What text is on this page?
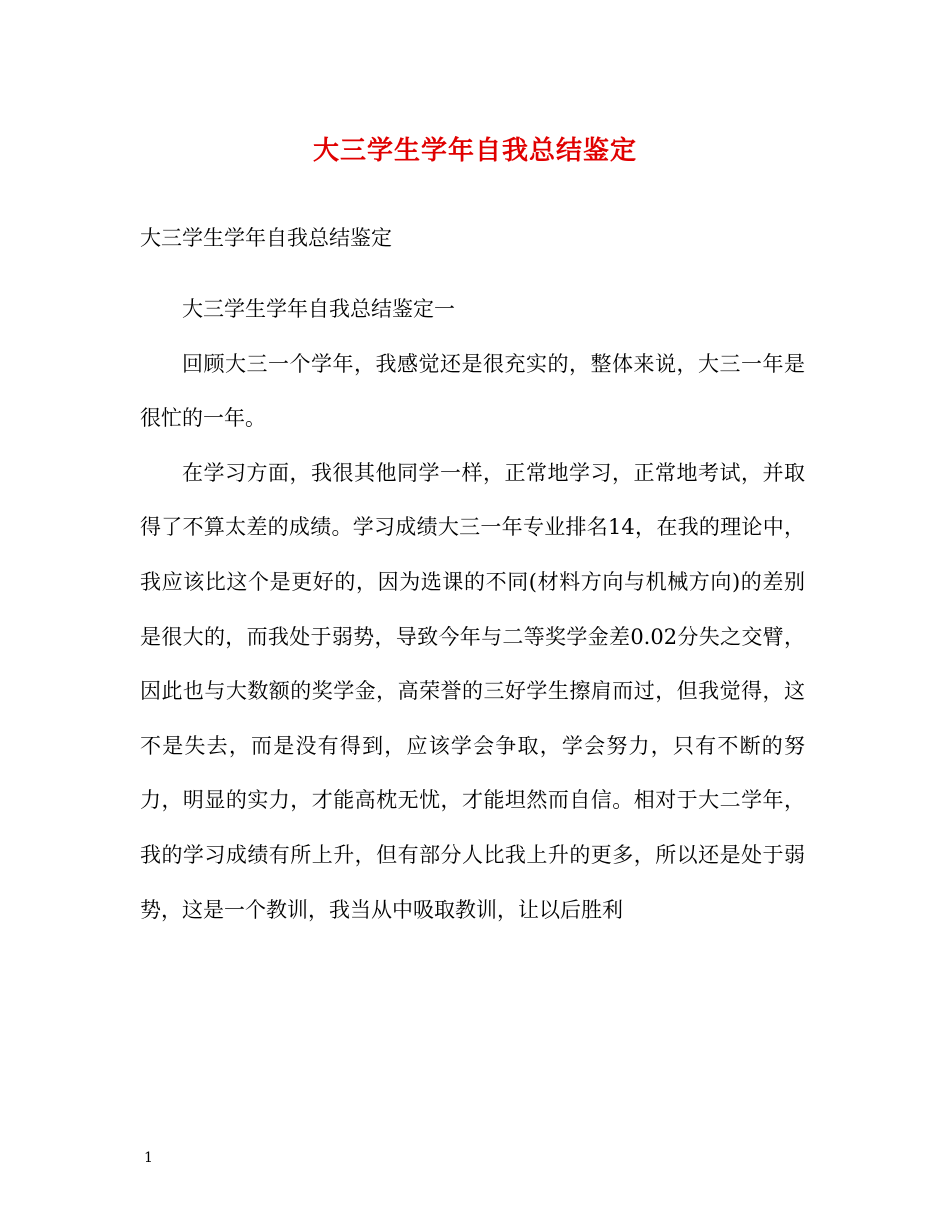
大三学生学年自我总结鉴定
大三学生学年自我总结鉴定

大三学生学年自我总结鉴定一

回顾大三一个学年，我感觉还是很充实的，整体来说，大三一年是很忙的一年。

在学习方面，我很其他同学一样，正常地学习，正常地考试，并取得了不算太差的成绩。学习成绩大三一年专业排名14，在我的理论中，我应该比这个是更好的，因为选课的不同(材料方向与机械方向)的差别是很大的，而我处于弱势，导致今年与二等奖学金差0.02分失之交臂，因此也与大数额的奖学金，高荣誉的三好学生擦肩而过，但我觉得，这不是失去，而是没有得到，应该学会争取，学会努力，只有不断的努力，明显的实力，才能高枕无忧，才能坦然而自信。相对于大二学年，我的学习成绩有所上升，但有部分人比我上升的更多，所以还是处于弱势，这是一个教训，我当从中吸取教训，让以后胜利

1
